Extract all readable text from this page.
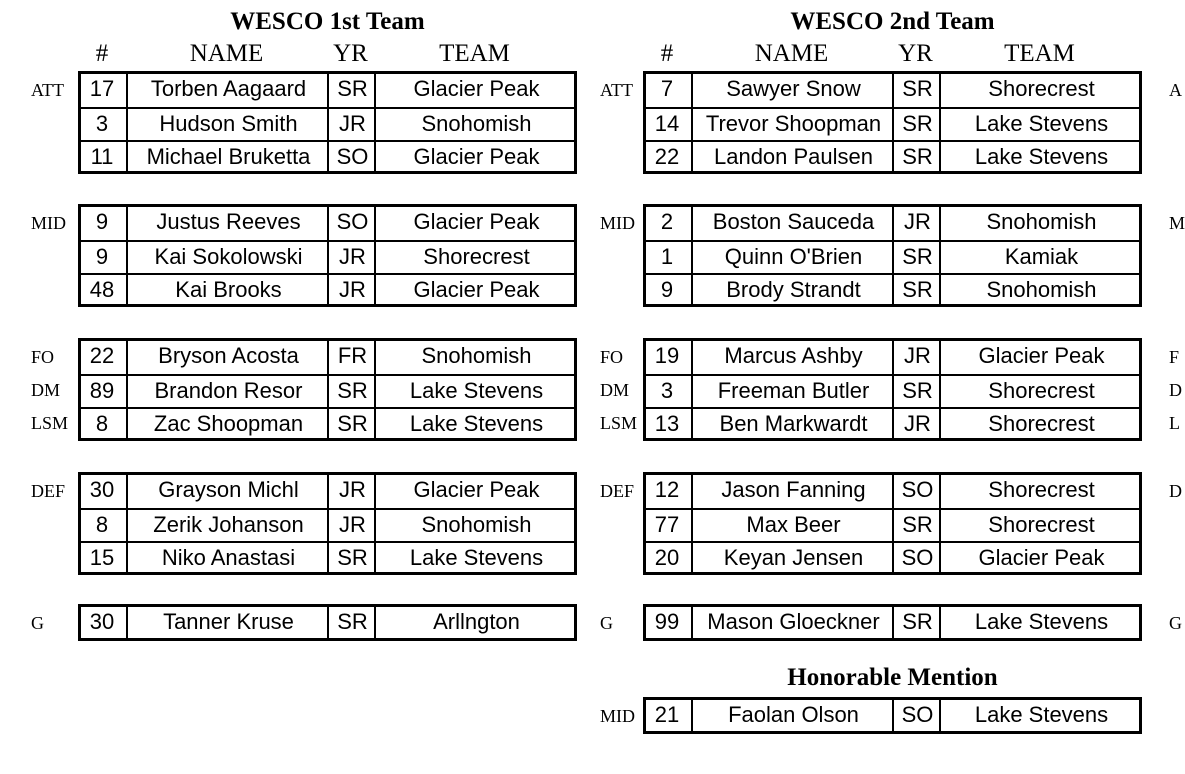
WESCO 1st Team
#	NAME	YR	TEAM
17	Torben Aagaard	SR	Glacier Peak
3	Hudson Smith	JR	Snohomish
11	Michael Bruketta	SO	Glacier Peak
ATT
9	Justus Reeves	SO	Glacier Peak
9	Kai Sokolowski	JR	Shorecrest
48	Kai Brooks	JR	Glacier Peak
MID
22	Bryson Acosta	FR	Snohomish
89	Brandon Resor	SR	Lake Stevens
8	Zac Shoopman	SR	Lake Stevens
FO
DM
LSM
30	Grayson Michl	JR	Glacier Peak
8	Zerik Johanson	JR	Snohomish
15	Niko Anastasi	SR	Lake Stevens
DEF
30	Tanner Kruse	SR	Arllngton
G
WESCO 2nd Team
#	NAME	YR	TEAM
7	Sawyer Snow	SR	Shorecrest
14	Trevor Shoopman SR	Lake Stevens
22	Landon Paulsen	SR	Lake Stevens
ATT
2	Boston Sauceda	JR	Snohomish
1	Quinn O'Brien	SR	Kamiak
9	Brody Strandt	SR	Snohomish
MID
19	Marcus Ashby	JR	Glacier Peak
3	Freeman Butler	SR	Shorecrest
13	Ben Markwardt	JR	Shorecrest
FO
DM
LSM
12	Jason Fanning	SO	Shorecrest
77	Max Beer	SR	Shorecrest
20	Keyan Jensen	SO	Glacier Peak
DEF
99	Mason Gloeckner	SR	Lake Stevens
G
Honorable Mention
21	Faolan Olson	SO	Lake Stevens
MID
A
M
F
D
L
D
G
